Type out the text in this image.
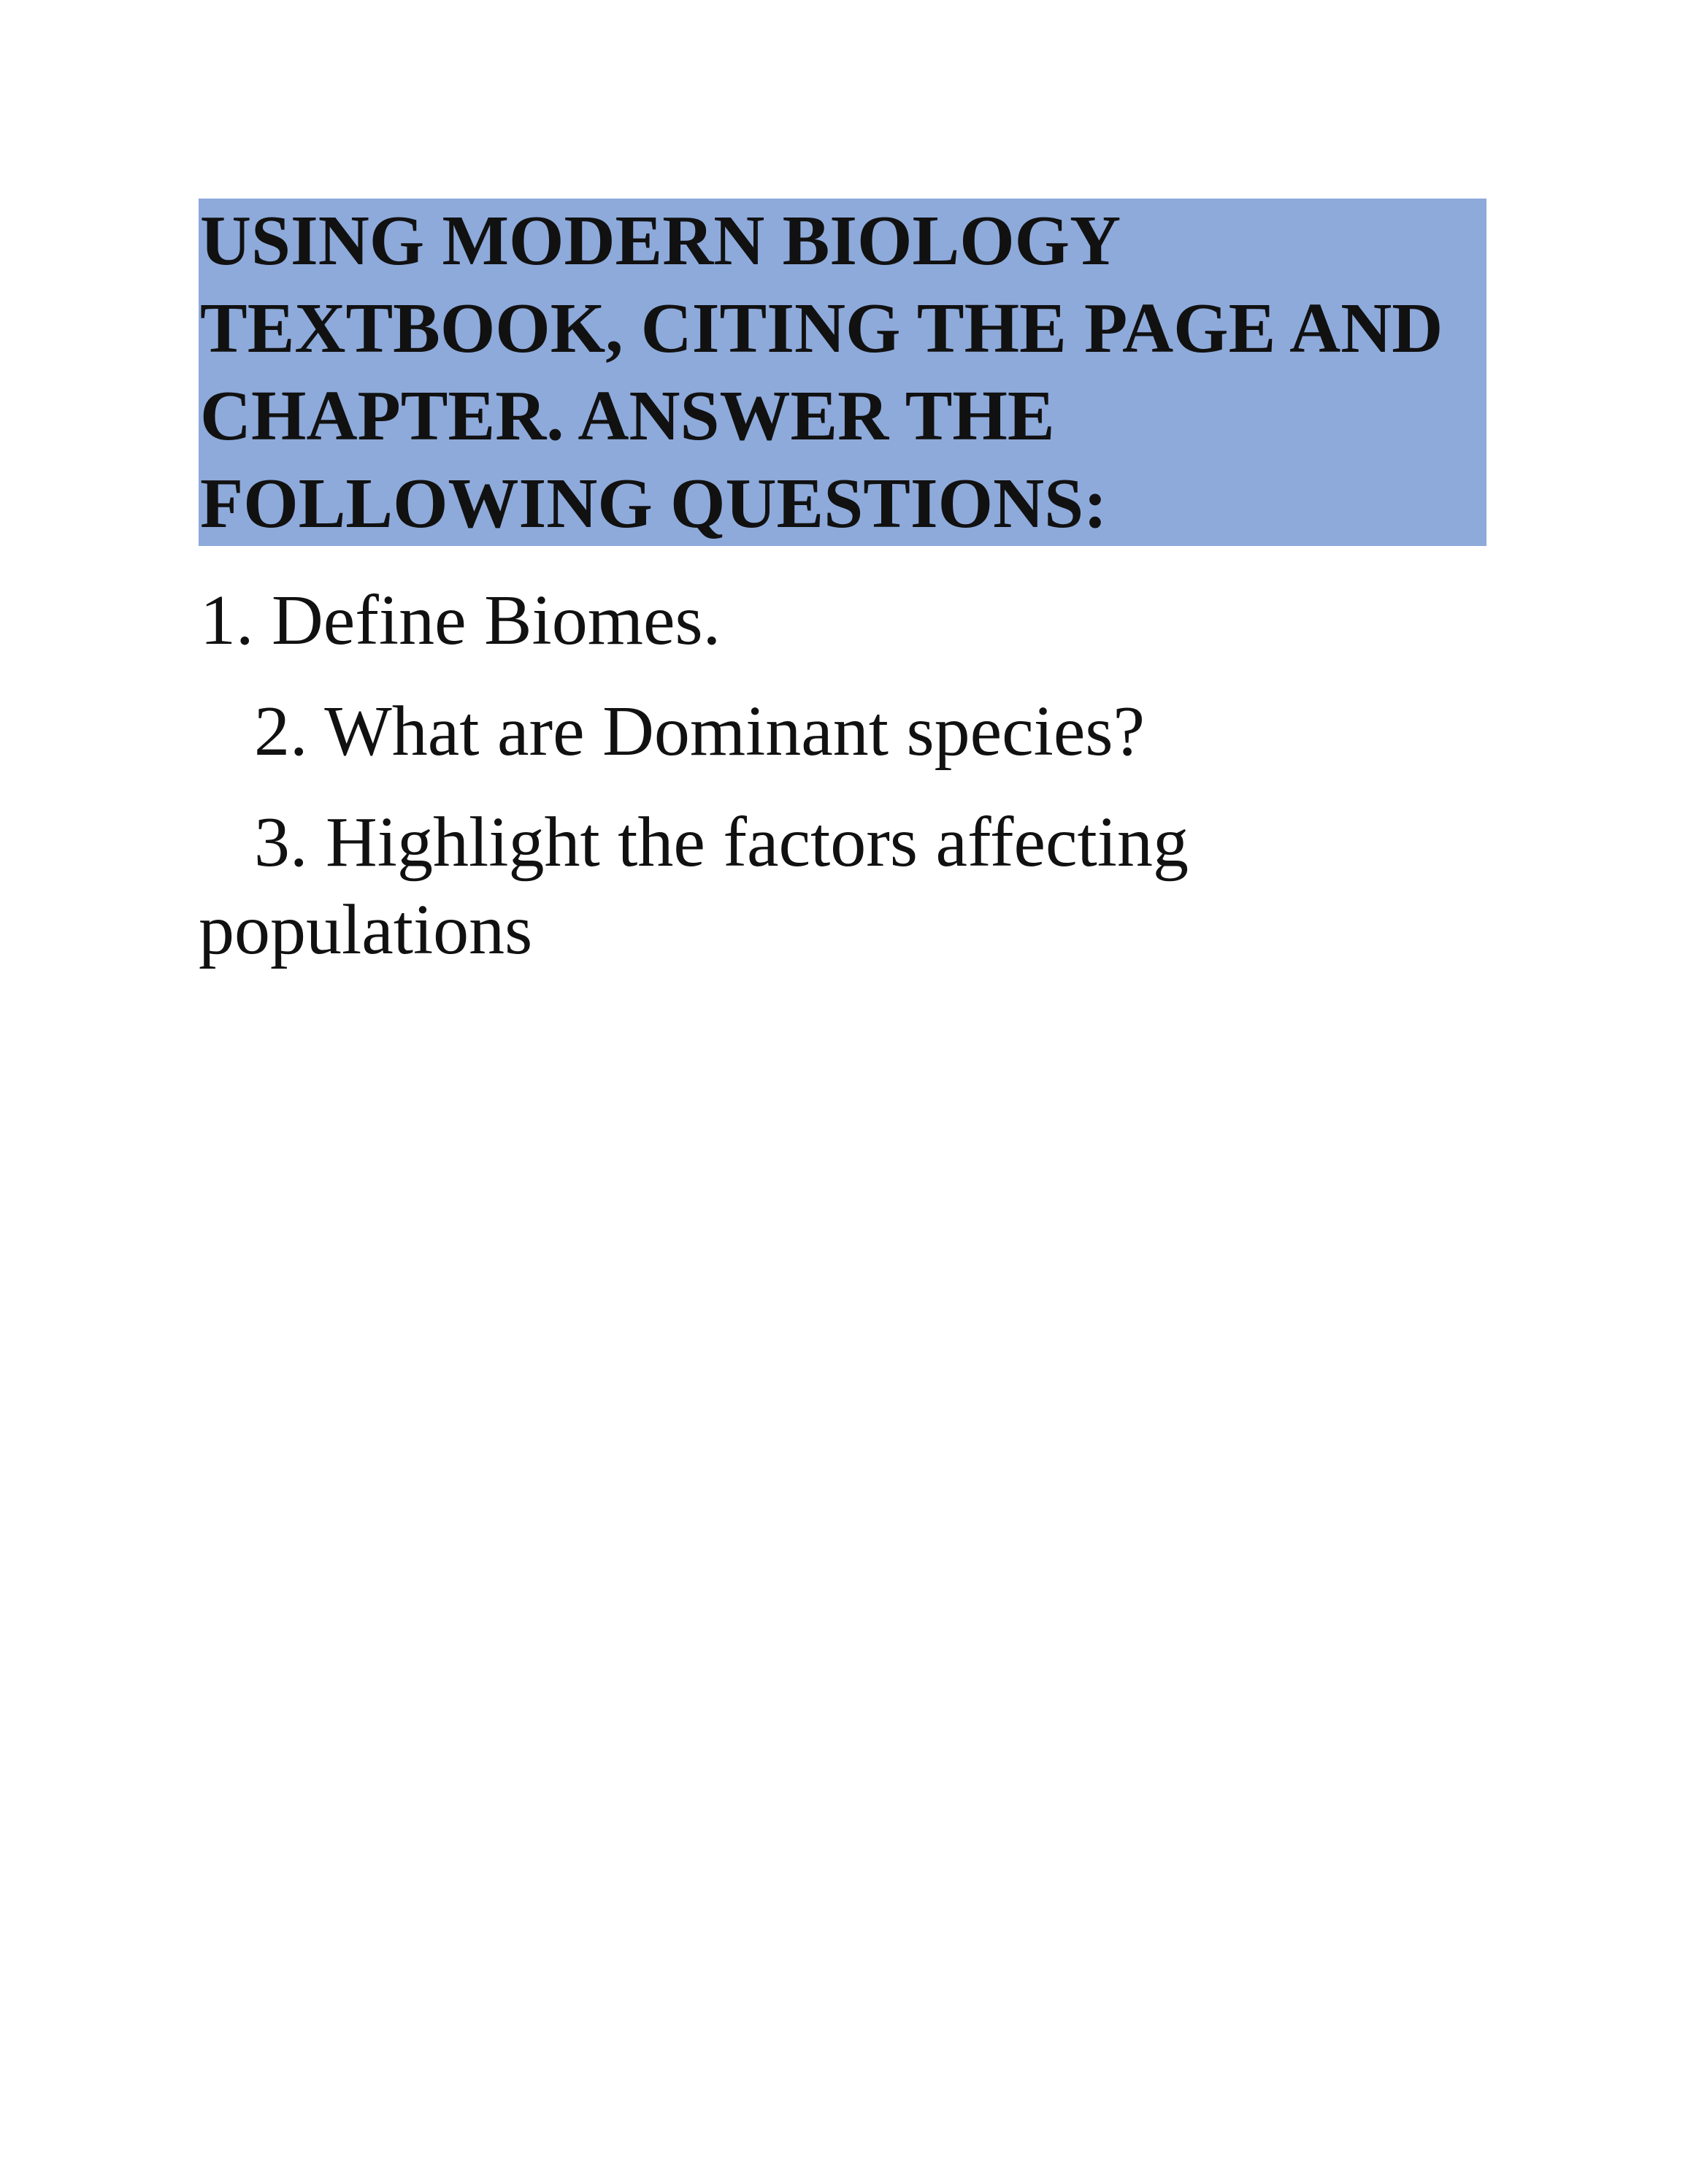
USING MODERN BIOLOGY
TEXTBOOK, CITING THE PAGE AND
CHAPTER. ANSWER THE
FOLLOWING QUESTIONS:
1. Define Biomes.
2. What are Dominant species?
3. Highlight the factors affecting
populations
